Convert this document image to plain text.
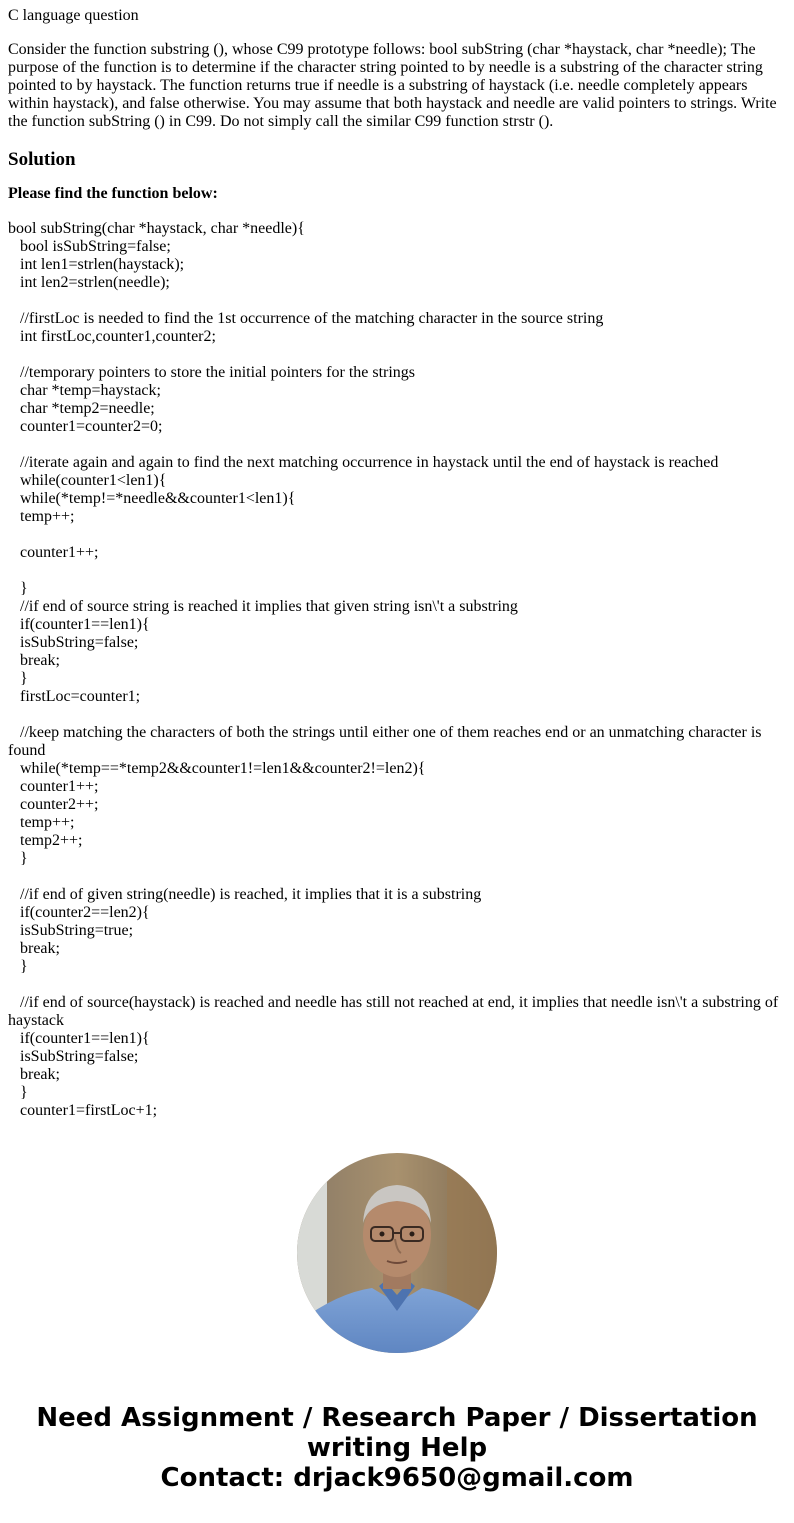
C language question

Consider the function substring (), whose C99 prototype follows: bool subString (char *haystack, char *needle); The purpose of the function is to determine if the character string pointed to by needle is a substring of the character string pointed to by haystack. The function returns true if needle is a substring of haystack (i.e. needle completely appears within haystack), and false otherwise. You may assume that both haystack and needle are valid pointers to strings. Write the function subString () in C99. Do not simply call the similar C99 function strstr ().

Solution

Please find the function below:

bool subString(char *haystack, char *needle){
bool isSubString=false;
int len1=strlen(haystack);
int len2=strlen(needle);
//firstLoc is needed to find the 1st occurrence of the matching character in the source string
int firstLoc,counter1,counter2;
//temporary pointers to store the initial pointers for the strings
char *temp=haystack;
char *temp2=needle;
counter1=counter2=0;
//iterate again and again to find the next matching occurrence in haystack until the end of haystack is reached
while(counter1<len1){
while(*temp!=*needle&&counter1<len1){
temp++;
counter1++;
}
//if end of source string is reached it implies that given string isn\'t a substring
if(counter1==len1){
isSubString=false;
break;
}
firstLoc=counter1;
//keep matching the characters of both the strings until either one of them reaches end or an unmatching character is found
while(*temp==*temp2&&counter1!=len1&&counter2!=len2){
counter1++;
counter2++;
temp++;
temp2++;
}
//if end of given string(needle) is reached, it implies that it is a substring
if(counter2==len2){
isSubString=true;
break;
}
//if end of source(haystack) is reached and needle has still not reached at end, it implies that needle isn\'t a substring of haystack
if(counter1==len1){
isSubString=false;
break;
}
counter1=firstLoc+1;
Need Assignment / Research Paper / Dissertation
writing Help
Contact: drjack9650@gmail.com
